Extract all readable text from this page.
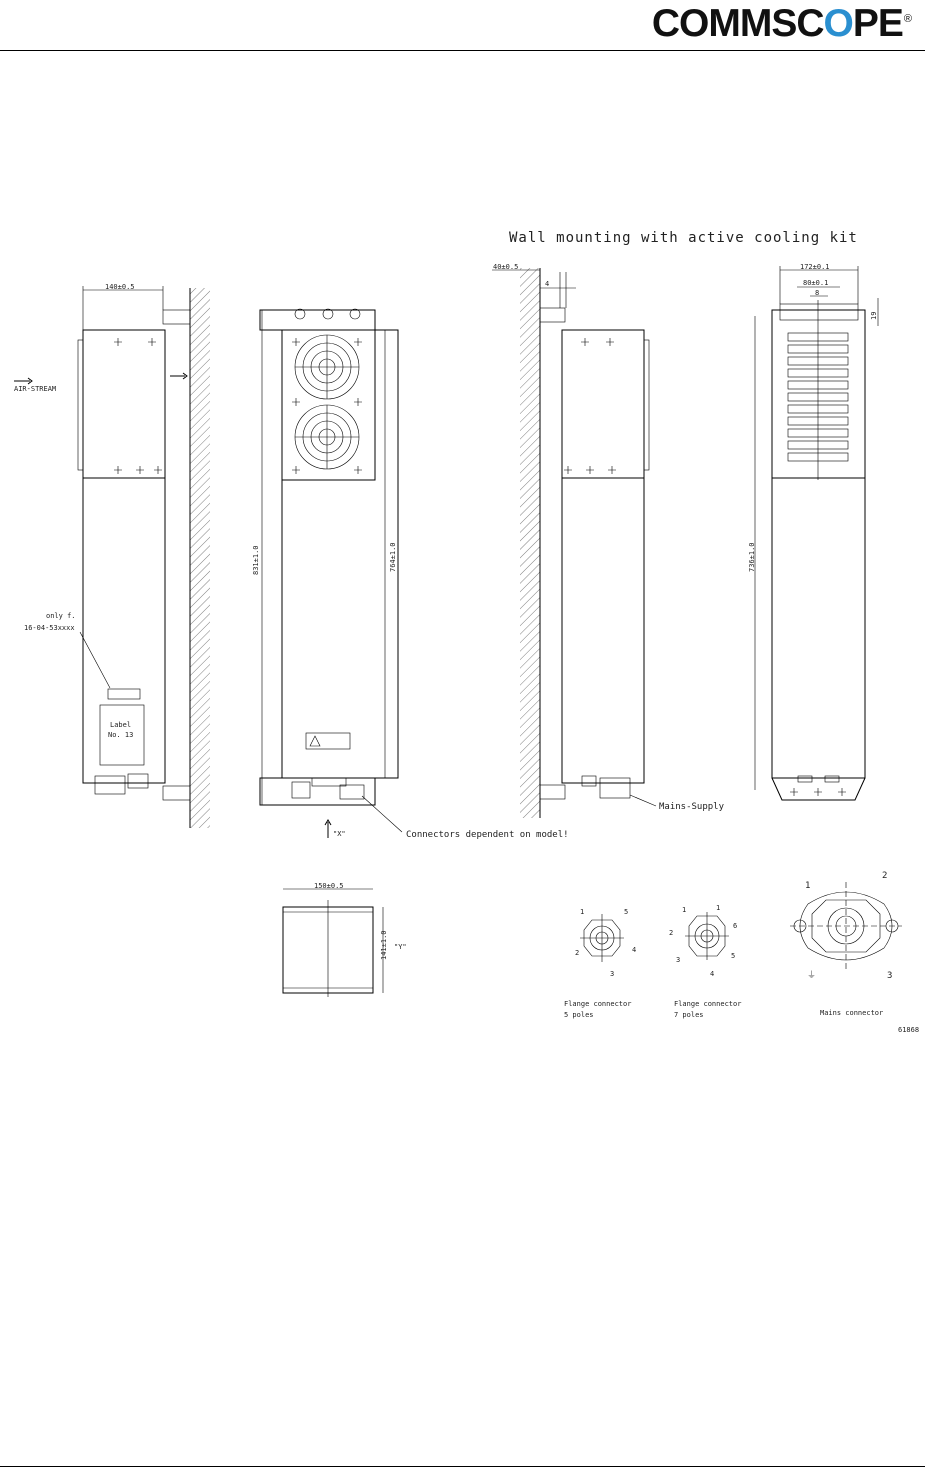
COMMSCOPE®
Wall mounting with active cooling kit
140±0.5
AIR-STREAM
only f.
16-04-53xxxx
Label
No. 13
831±1.0	764±1.0
"X"	Connectors dependent on model!
Mains-Supply
40±0.5
4
172±0.1
80±0.1
8
19
736±1.0
150±0.5
141±1.0 "Y"
1	5
2	4
3
Flange connector
5 poles
1	1
6
2
3
4
5
Flange connector
7 poles
1
2
3
⏚
Mains connector
61868
